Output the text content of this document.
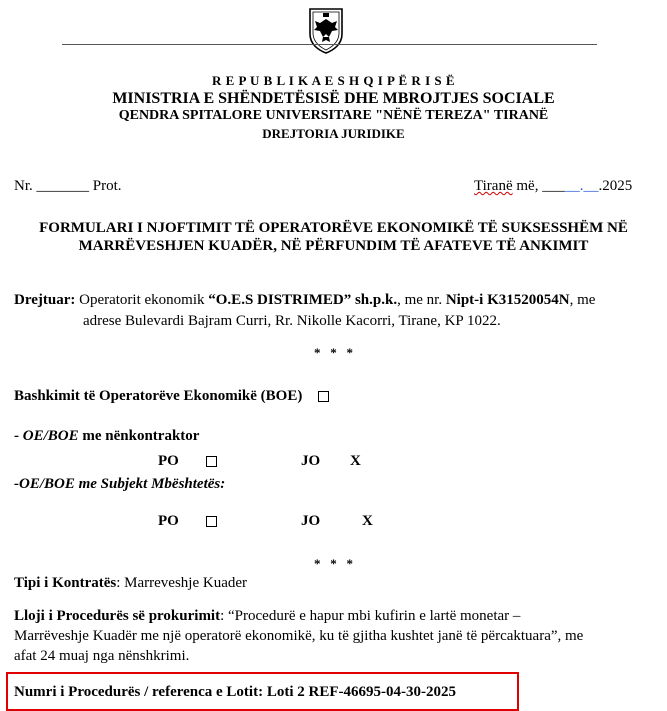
R E P U B L I K A E S H Q I P Ë R I S Ë
MINISTRIA E SHËNDETËSISË DHE MBROJTJES SOCIALE
QENDRA SPITALORE UNIVERSITARE "NËNË TEREZA" TIRANË
DREJTORIA JURIDIKE
Nr. _______ Prot.	Tiranë më, _____.__.2025
FORMULARI I NJOFTIMIT TË OPERATORËVE EKONOMIKË TË SUKSESSHËM NË
MARRËVESHJEN KUADËR, NË PËRFUNDIM TË AFATEVE TË ANKIMIT
Drejtuar: Operatorit ekonomik “O.E.S DISTRIMED” sh.p.k., me nr. Nipt-i K31520054N, me
adrese Bulevardi Bajram Curri, Rr. Nikolle Kacorri, Tirane, KP 1022.
*   *   *
Bashkimit të Operatorëve Ekonomikë (BOE)
- OE/BOE me nënkontraktor
PO	JO X
-OE/BOE me Subjekt Mbështetës:
PO	JO	X
*   *   *
Tipi i Kontratës: Marreveshje Kuader
Lloji i Procedurës së prokurimit: “Procedurë e hapur mbi kufirin e lartë monetar –
Marrëveshje Kuadër me një operatorë ekonomikë, ku të gjitha kushtet janë të përcaktuara”, me
afat 24 muaj nga nënshkrimi.
Numri i Procedurës / referenca e Lotit: Loti 2 REF-46695-04-30-2025
